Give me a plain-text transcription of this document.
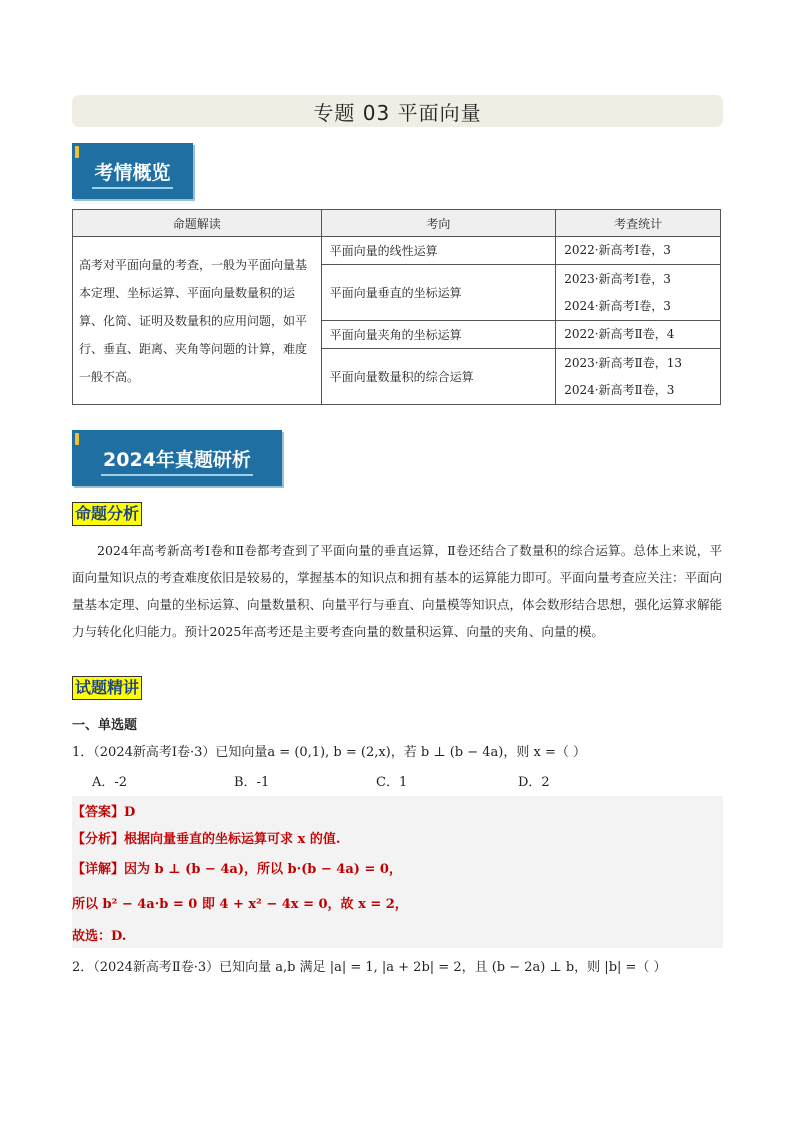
专题 03 平面向量
考情概览
命题解读	考向	考查统计
高考对平面向量的考查，一般为平面向量基本定理、坐标运算、平面向量数量积的运算、化简、证明及数量积的应用问题，如平行、垂直、距离、夹角等问题的计算，难度一般不高。	平面向量的线性运算	2022·新高考Ⅰ卷，3

	平面向量垂直的坐标运算	2023·新高考Ⅰ卷，3
2024·新高考Ⅰ卷，3

	平面向量夹角的坐标运算	2022·新高考Ⅱ卷，4

	平面向量数量积的综合运算	2023·新高考Ⅱ卷，13
2024·新高考Ⅱ卷，3
2024年真题研析
命题分析
2024年高考新高考Ⅰ卷和Ⅱ卷都考查到了平面向量的垂直运算，Ⅱ卷还结合了数量积的综合运算。总体上来说，平面向量知识点的考查难度依旧是较易的，掌握基本的知识点和拥有基本的运算能力即可。平面向量考查应关注：平面向量基本定理、向量的坐标运算、向量数量积、向量平行与垂直、向量模等知识点，体会数形结合思想，强化运算求解能力与转化化归能力。预计2025年高考还是主要考查向量的数量积运算、向量的夹角、向量的模。
试题精讲
一、单选题
1．（2024新高考Ⅰ卷·3）已知向量a = (0,1), b = (2,x)，若 b ⊥ (b − 4a)，则 x =（ ）
A．-2	B．-1	C．1	D．2
【答案】D
【分析】根据向量垂直的坐标运算可求 x 的值.
【详解】因为 b ⊥ (b − 4a)，所以 b·(b − 4a) = 0，
所以 b² − 4a·b = 0 即 4 + x² − 4x = 0，故 x = 2，
故选：D.
2．（2024新高考Ⅱ卷·3）已知向量 a,b 满足 |a| = 1, |a + 2b| = 2，且 (b − 2a) ⊥ b，则 |b| =（ ）
